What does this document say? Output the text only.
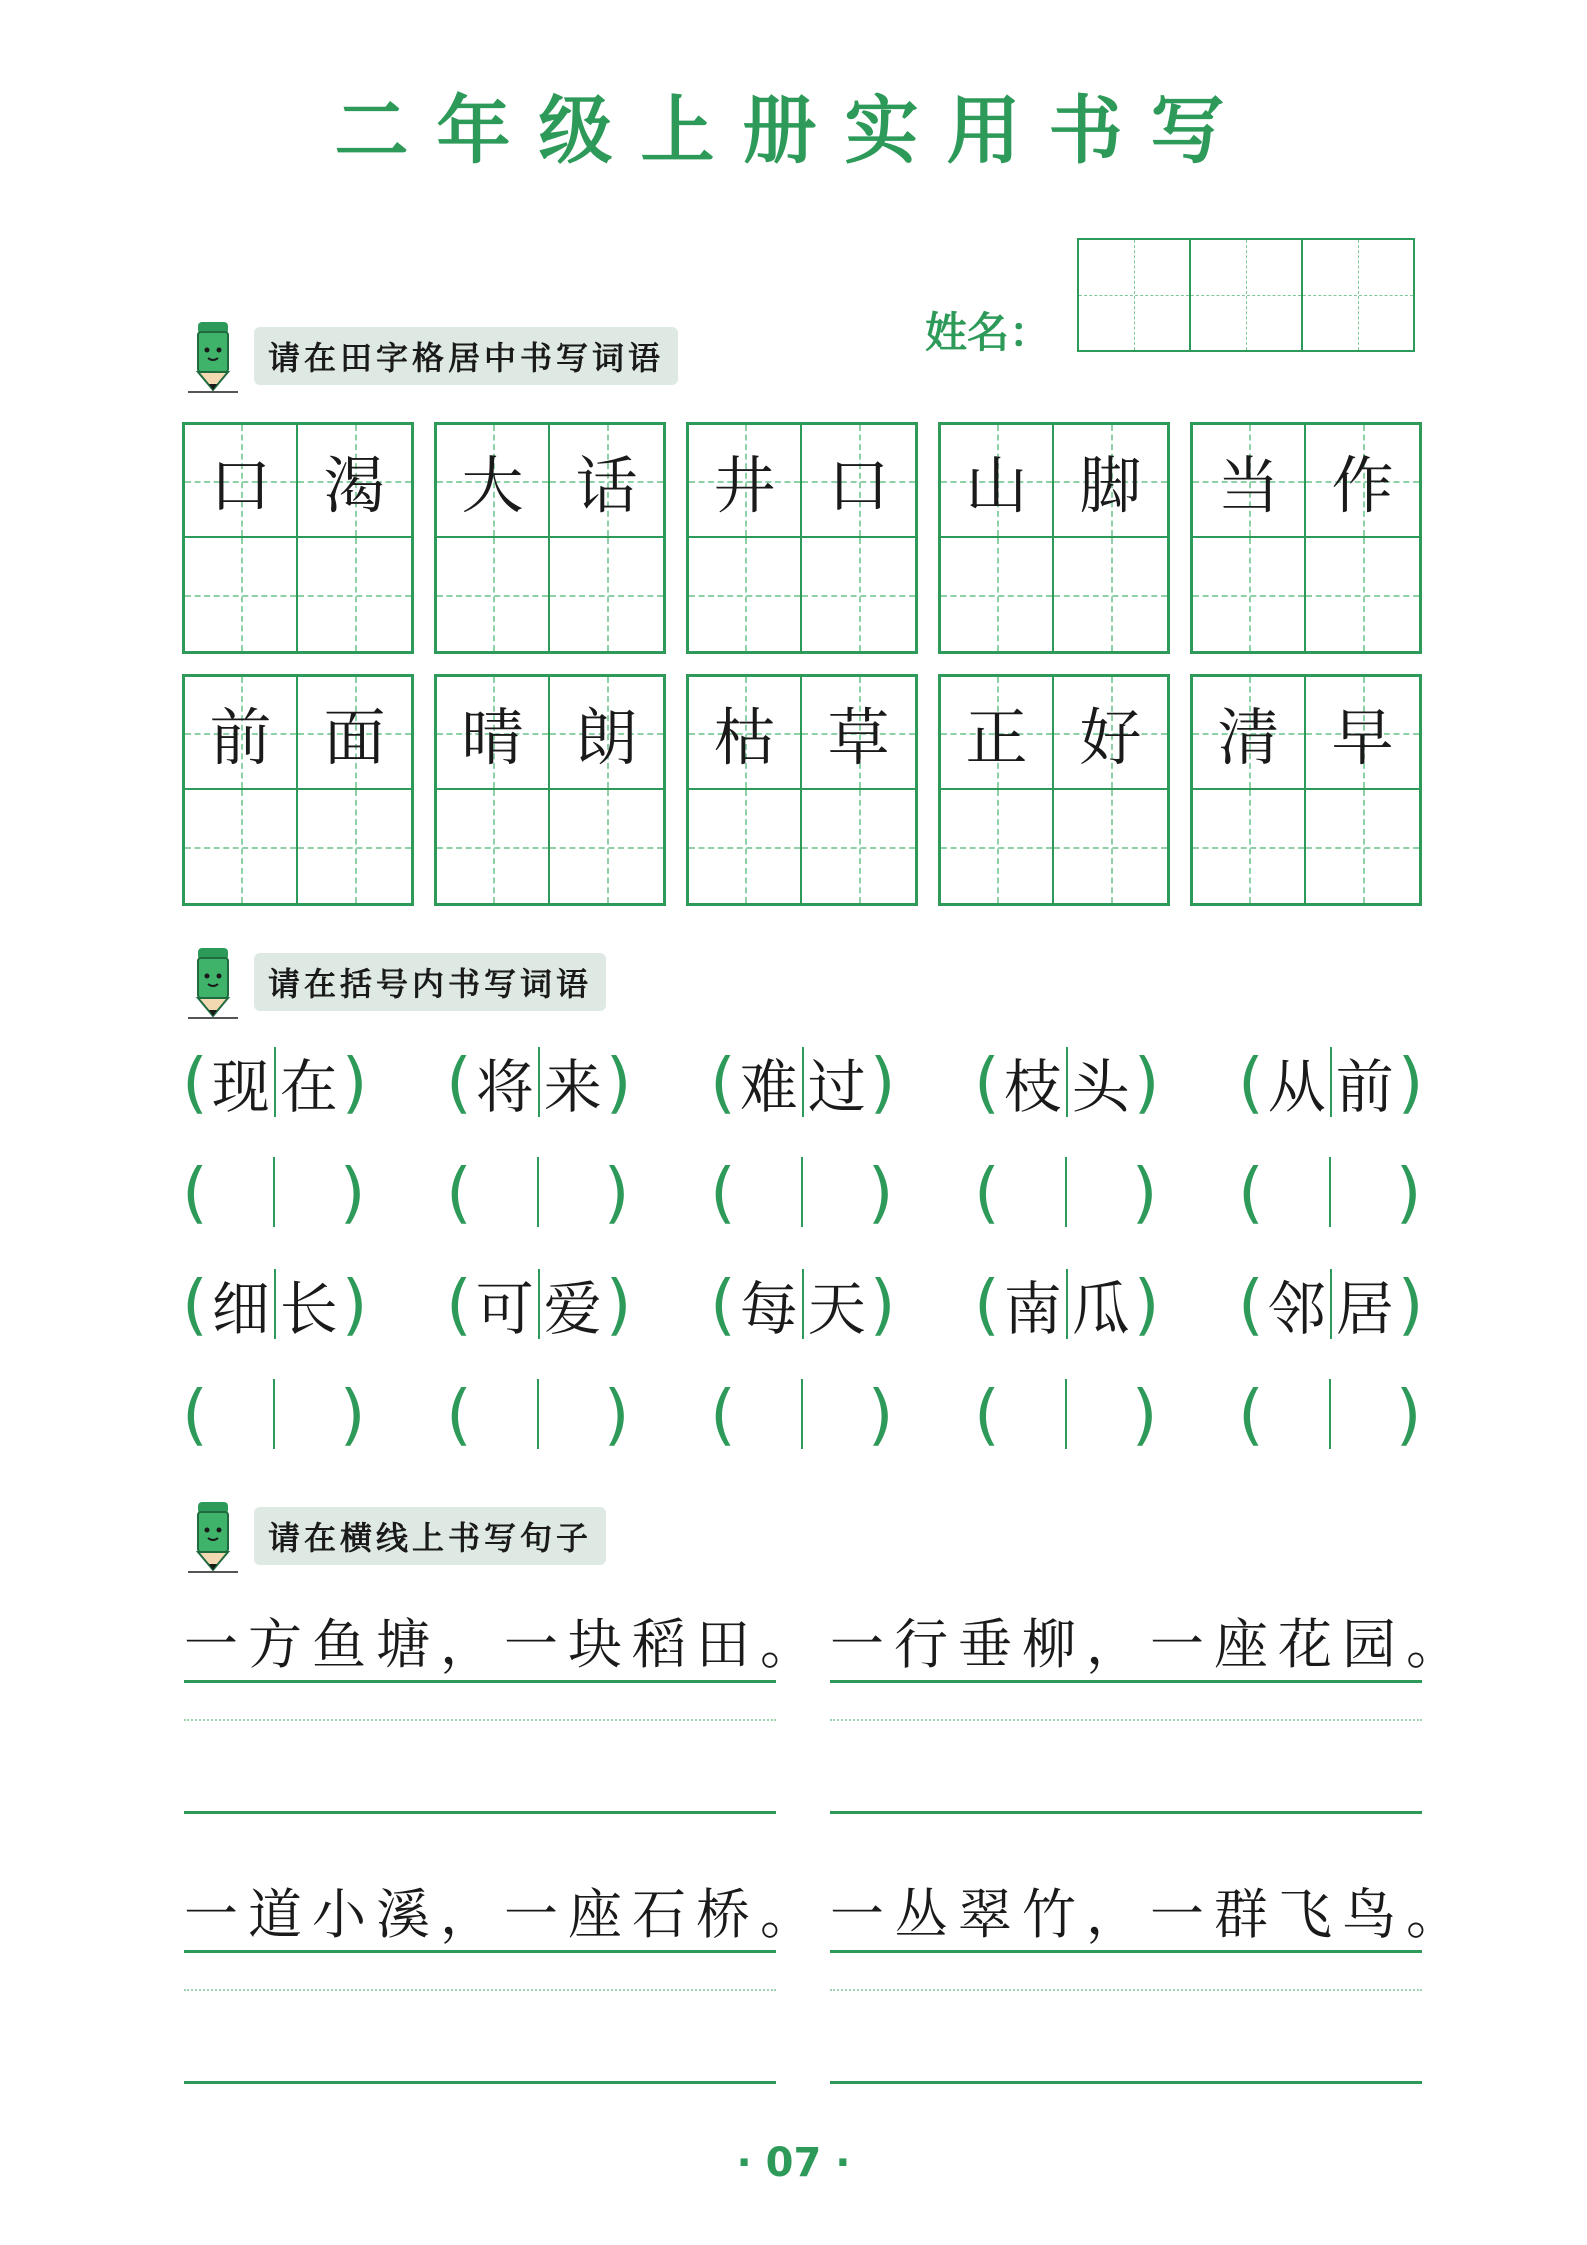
二年级上册实用书写
姓名：
请在田字格居中书写词语
口 渴 大 话 井 口 山 脚 当 作
前 面 晴 朗 枯 草 正 好 清 早
请在括号内书写词语
( 现 在 ) ( 将 来 ) ( 难 过 ) ( 枝 头 ) ( 从 前 )
( ) ( ) ( ) ( ) ( )
( 细 长 ) ( 可 爱 ) ( 每 天 ) ( 南 瓜 ) ( 邻 居 )
( ) ( ) ( ) ( ) ( )
请在横线上书写句子
一方鱼塘，一块稻田。 一行垂柳，一座花园。
一道小溪，一座石桥。 一丛翠竹，一群飞鸟。
· 07 ·
